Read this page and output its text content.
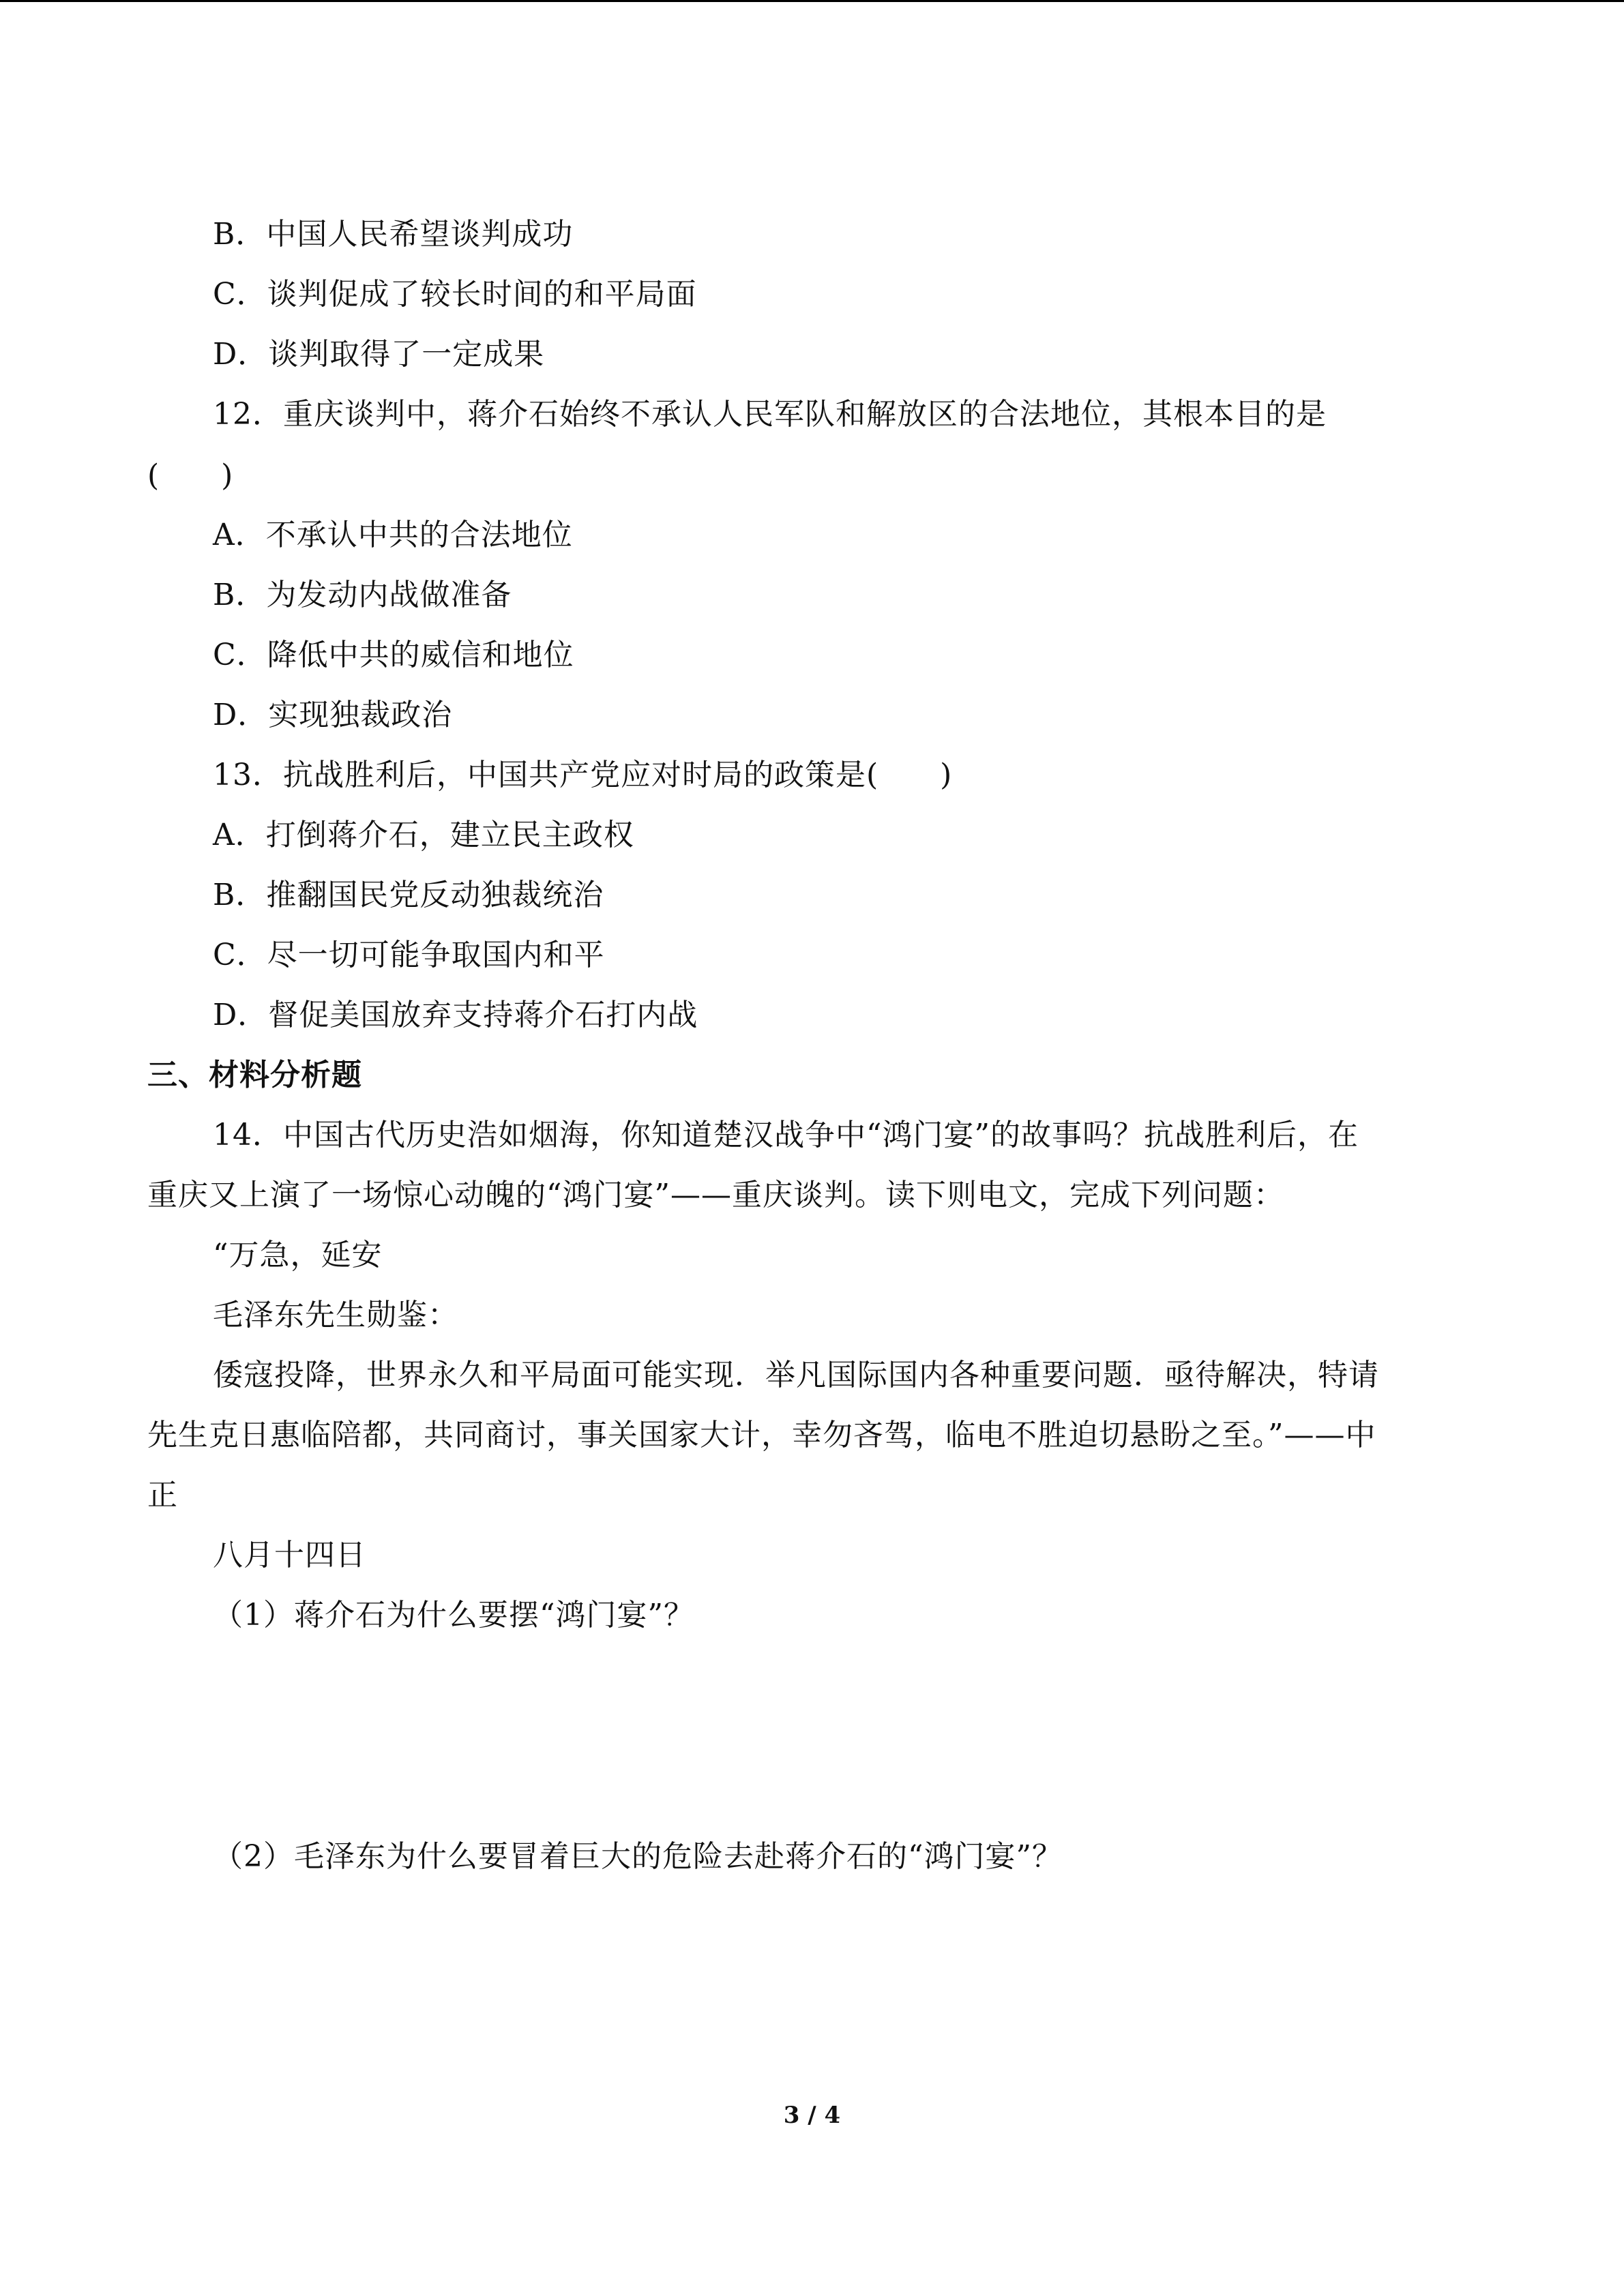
B．中国人民希望谈判成功
C．谈判促成了较长时间的和平局面
D．谈判取得了一定成果
12．重庆谈判中，蒋介石始终不承认人民军队和解放区的合法地位，其根本目的是
(　　)
A．不承认中共的合法地位
B．为发动内战做准备
C．降低中共的威信和地位
D．实现独裁政治
13．抗战胜利后，中国共产党应对时局的政策是(　　)
A．打倒蒋介石，建立民主政权
B．推翻国民党反动独裁统治
C．尽一切可能争取国内和平
D．督促美国放弃支持蒋介石打内战
三、材料分析题
14．中国古代历史浩如烟海，你知道楚汉战争中“鸿门宴”的故事吗？抗战胜利后，在
重庆又上演了一场惊心动魄的“鸿门宴”——重庆谈判。读下则电文，完成下列问题：
“万急，延安
毛泽东先生勋鉴：
倭寇投降，世界永久和平局面可能实现．举凡国际国内各种重要问题．亟待解决，特请
先生克日惠临陪都，共同商讨，事关国家大计，幸勿吝驾，临电不胜迫切悬盼之至。”——中
正
八月十四日
（1）蒋介石为什么要摆“鸿门宴”？
（2）毛泽东为什么要冒着巨大的危险去赴蒋介石的“鸿门宴”？
3 / 4
